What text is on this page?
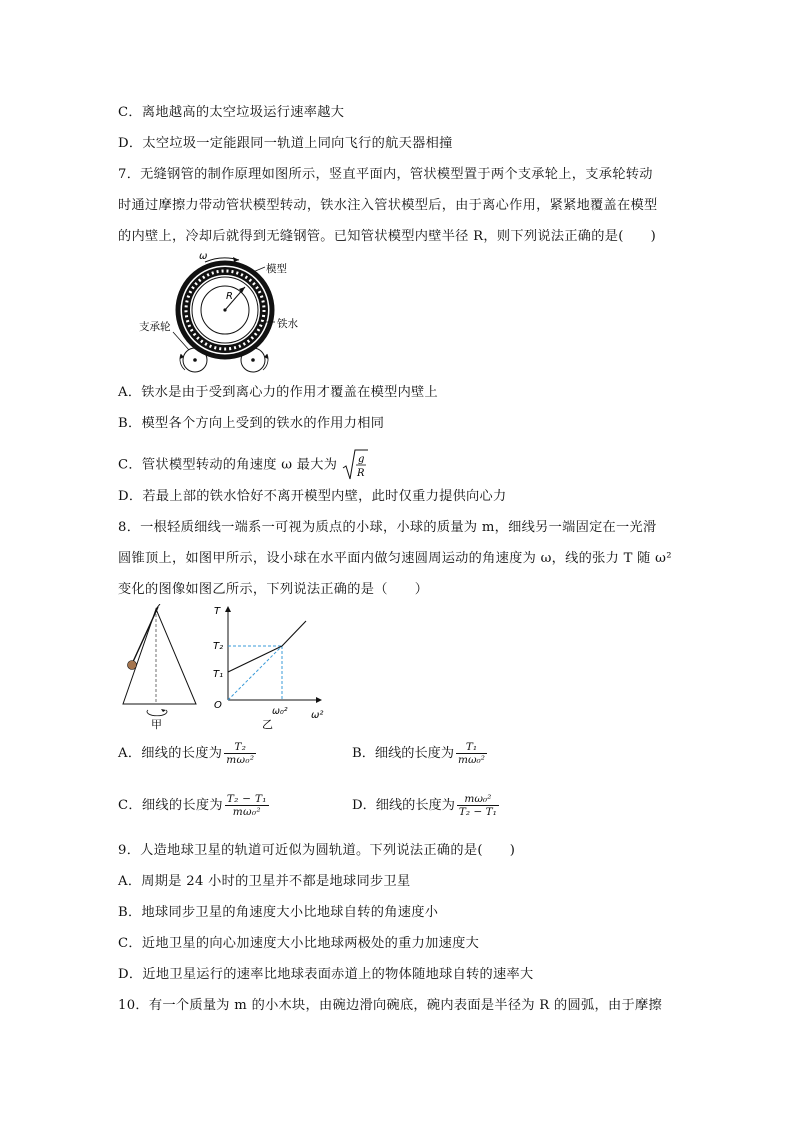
C．离地越高的太空垃圾运行速率越大
D．太空垃圾一定能跟同一轨道上同向飞行的航天器相撞
7．无缝钢管的制作原理如图所示，竖直平面内，管状模型置于两个支承轮上，支承轮转动
时通过摩擦力带动管状模型转动，铁水注入管状模型后，由于离心作用，紧紧地覆盖在模型
的内壁上，冷却后就得到无缝钢管。已知管状模型内壁半径 R，则下列说法正确的是(　　)
R
ω
模型
铁水
支承轮
A．铁水是由于受到离心力的作用才覆盖在模型内壁上
B．模型各个方向上受到的铁水的作用力相同
C．管状模型转动的角速度 ω 最大为 g
R
D．若最上部的铁水恰好不离开模型内壁，此时仅重力提供向心力
8．一根轻质细线一端系一可视为质点的小球，小球的质量为 m，细线另一端固定在一光滑
圆锥顶上，如图甲所示，设小球在水平面内做匀速圆周运动的角速度为 ω，线的张力 T 随 ω²
变化的图像如图乙所示，下列说法正确的是（　　）
甲
T
ω²
O
T₂
T₁
ω₀²
乙
A．细线的长度为 $\frac{\text{T₂}}{\text{mω₀²}}$	B．细线的长度为 $\frac{\text{T₁}}{\text{mω₀²}}$
C．细线的长度为 $\frac{\text{T₂ − T₁}}{\text{mω₀²}}$	D．细线的长度为 $\frac{\text{mω₀²}}{\text{T₂ − T₁}}$
9．人造地球卫星的轨道可近似为圆轨道。下列说法正确的是(　　)
A．周期是 24 小时的卫星并不都是地球同步卫星
B．地球同步卫星的角速度大小比地球自转的角速度小
C．近地卫星的向心加速度大小比地球两极处的重力加速度大
D．近地卫星运行的速率比地球表面赤道上的物体随地球自转的速率大
10．有一个质量为 m 的小木块，由碗边滑向碗底，碗内表面是半径为 R 的圆弧，由于摩擦
